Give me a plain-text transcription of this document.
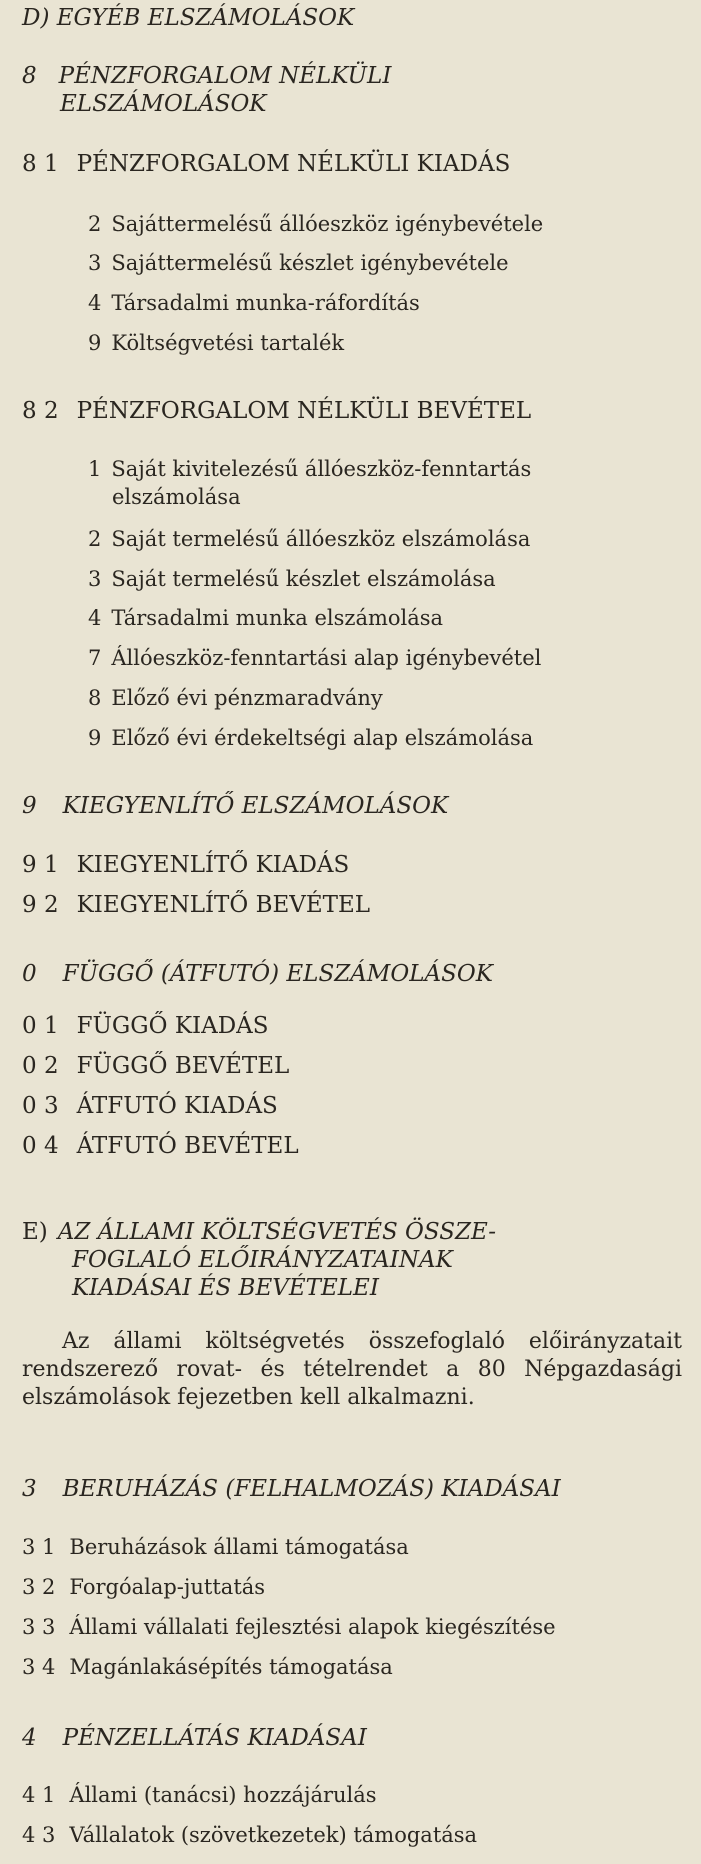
D) EGYÉB ELSZÁMOLÁSOK
8 PÉNZFORGALOM NÉLKÜLI
ELSZÁMOLÁSOK
8 1 PÉNZFORGALOM NÉLKÜLI KIADÁS
2 Sajáttermelésű állóeszköz igénybevétele
3 Sajáttermelésű készlet igénybevétele
4 Társadalmi munka-ráfordítás
9 Költségvetési tartalék
8 2 PÉNZFORGALOM NÉLKÜLI BEVÉTEL
1 Saját kivitelezésű állóeszköz-fenntartás
elszámolása
2 Saját termelésű állóeszköz elszámolása
3 Saját termelésű készlet elszámolása
4 Társadalmi munka elszámolása
7 Állóeszköz-fenntartási alap igénybevétel
8 Előző évi pénzmaradvány
9 Előző évi érdekeltségi alap elszámolása
9 KIEGYENLÍTŐ ELSZÁMOLÁSOK
9 1 KIEGYENLÍTŐ KIADÁS
9 2 KIEGYENLÍTŐ BEVÉTEL
0 FÜGGŐ (ÁTFUTÓ) ELSZÁMOLÁSOK
0 1 FÜGGŐ KIADÁS
0 2 FÜGGŐ BEVÉTEL
0 3 ÁTFUTÓ KIADÁS
0 4 ÁTFUTÓ BEVÉTEL
E) AZ ÁLLAMI KÖLTSÉGVETÉS ÖSSZE-
FOGLALÓ ELŐIRÁNYZATAINAK
KIADÁSAI ÉS BEVÉTELEI
Az állami költségvetés összefoglaló előirányzatait rendszerező rovat- és tételrendet a 80 Népgazdasági elszámolások fejezetben kell alkalmazni.
3 BERUHÁZÁS (FELHALMOZÁS) KIADÁSAI
3 1 Beruházások állami támogatása
3 2 Forgóalap-juttatás
3 3 Állami vállalati fejlesztési alapok kiegészítése
3 4 Magánlakásépítés támogatása
4 PÉNZELLÁTÁS KIADÁSAI
4 1 Állami (tanácsi) hozzájárulás
4 3 Vállalatok (szövetkezetek) támogatása
